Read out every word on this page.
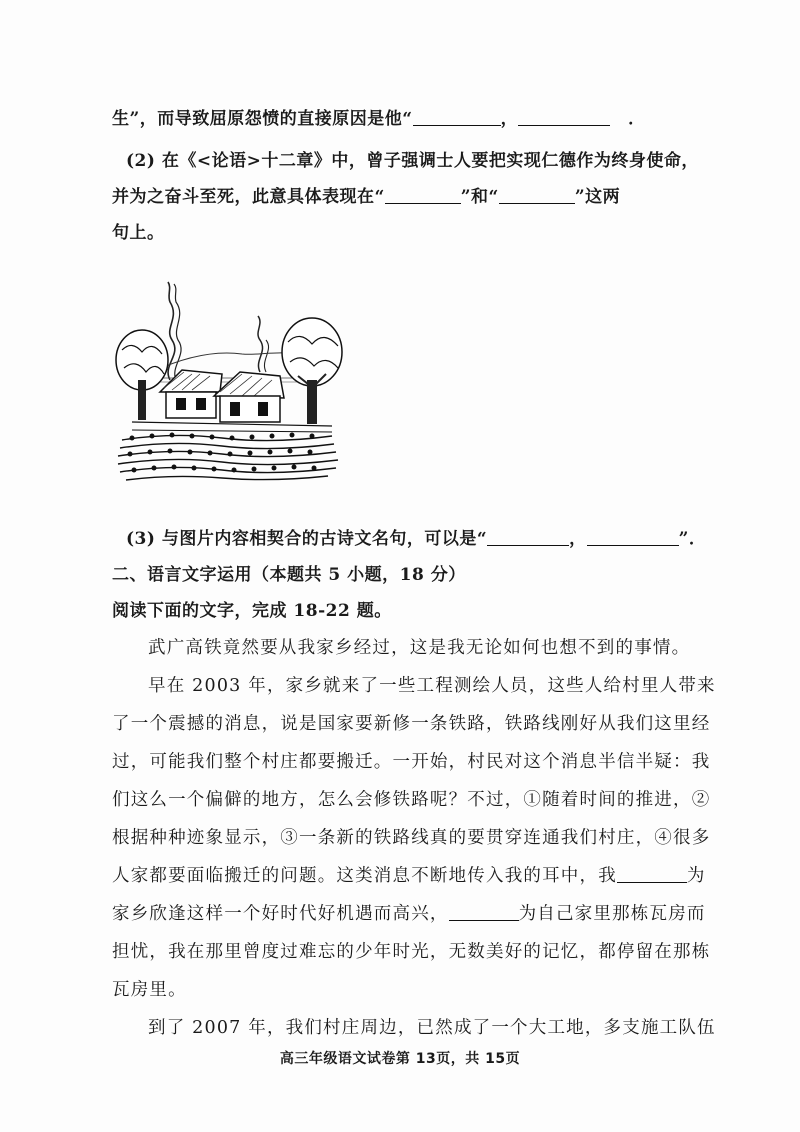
生”，而导致屈原怨愤的直接原因是他“	，	．
(2) 在《<论语>十二章》中，曾子强调士人要把实现仁德作为终身使命，
并为之奋斗至死，此意具体表现在“	”和“	”这两
句上。
(3) 与图片内容相契合的古诗文名句，可以是“	，	”．
二、语言文字运用（本题共 5 小题，18 分）
阅读下面的文字，完成 18-22 题。
武广高铁竟然要从我家乡经过，这是我无论如何也想不到的事情。
早在 2003 年，家乡就来了一些工程测绘人员，这些人给村里人带来
了一个震撼的消息，说是国家要新修一条铁路，铁路线刚好从我们这里经
过，可能我们整个村庄都要搬迁。一开始，村民对这个消息半信半疑：我
们这么一个偏僻的地方，怎么会修铁路呢？不过，①随着时间的推进，②
根据种种迹象显示，③一条新的铁路线真的要贯穿连通我们村庄，④很多
人家都要面临搬迁的问题。这类消息不断地传入我的耳中，我	为
家乡欣逢这样一个好时代好机遇而高兴，	为自己家里那栋瓦房而
担忧，我在那里曾度过难忘的少年时光，无数美好的记忆，都停留在那栋
瓦房里。
到了 2007 年，我们村庄周边，已然成了一个大工地，多支施工队伍
高三年级语文试卷第 13页，共 15页
